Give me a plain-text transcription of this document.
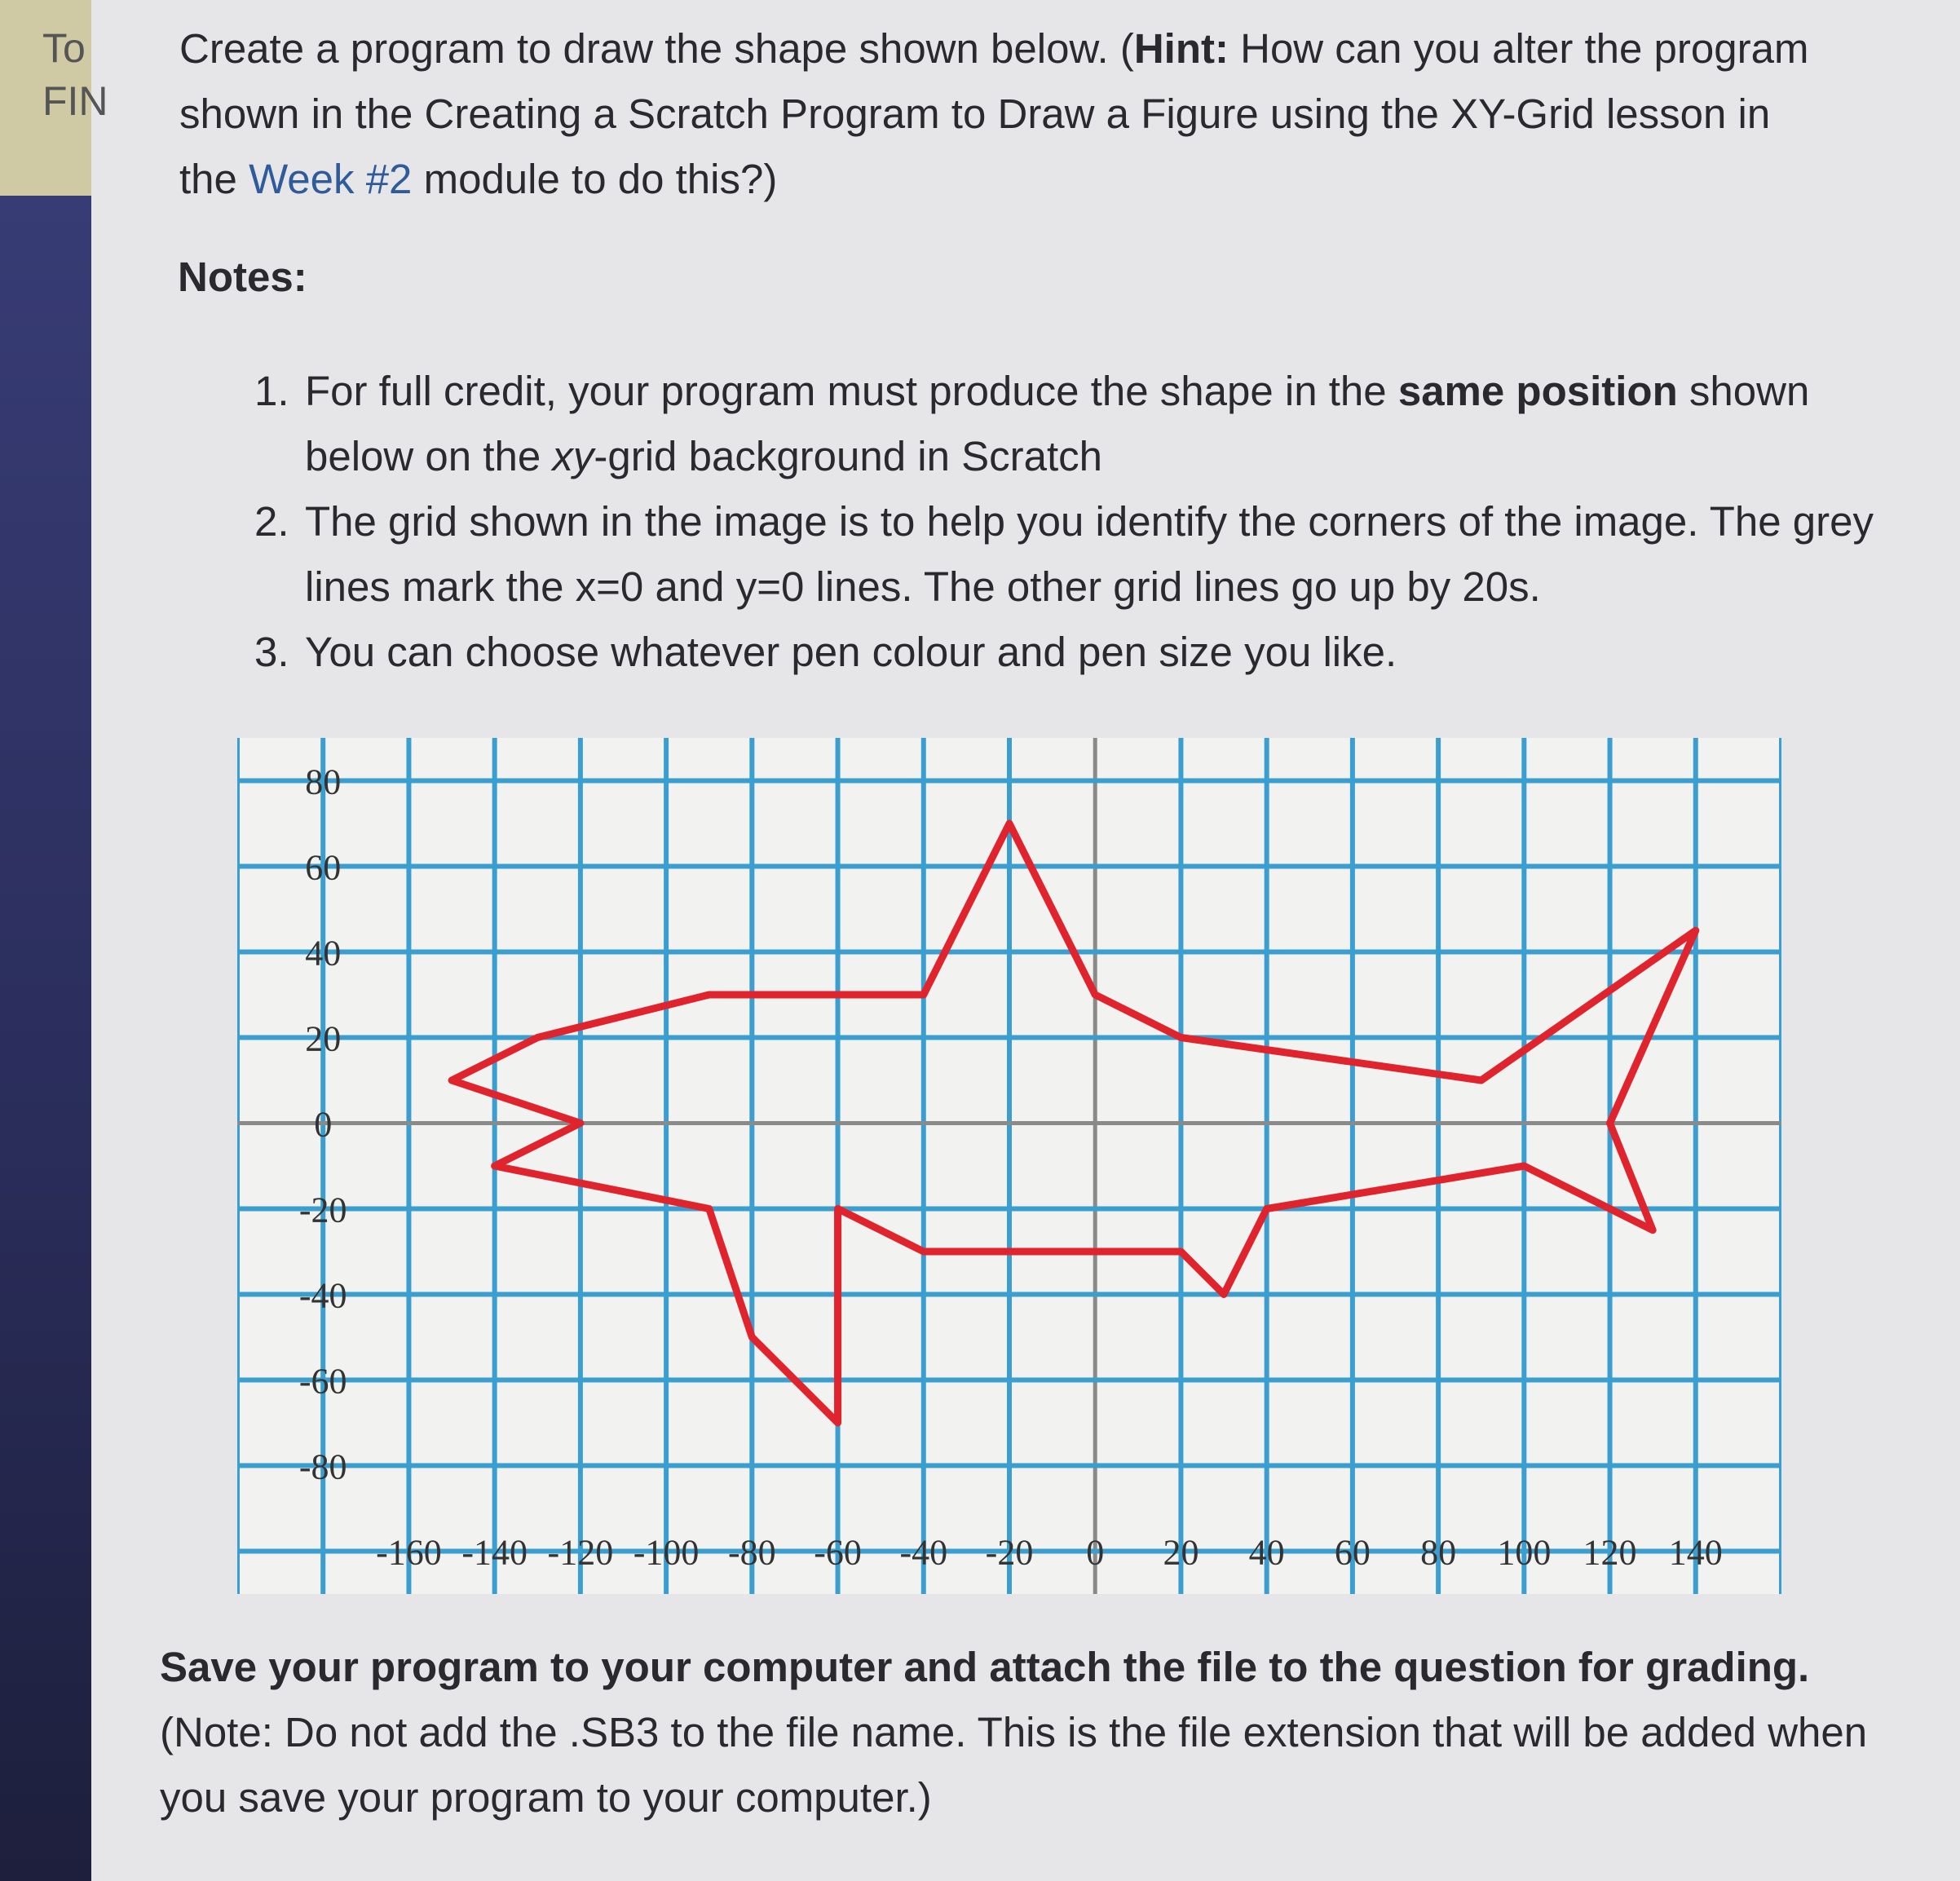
To
FIN
Create a program to draw the shape shown below. (Hint: How can you alter the program shown in the Creating a Scratch Program to Draw a Figure using the XY-Grid lesson in the Week #2 module to do this?)
Notes:
1. For full credit, your program must produce the shape in the same position shown below on the xy-grid background in Scratch
2. The grid shown in the image is to help you identify the corners of the image. The grey lines mark the x=0 and y=0 lines. The other grid lines go up by 20s.
3. You can choose whatever pen colour and pen size you like.
80
60
40
20
0
-20
-40
-60
-80
-160 -140 -120 -100 -80 -60 -40 -20 0 20 40 60 80 100 120 140
Save your program to your computer and attach the file to the question for grading. (Note: Do not add the .SB3 to the file name. This is the file extension that will be added when you save your program to your computer.)
